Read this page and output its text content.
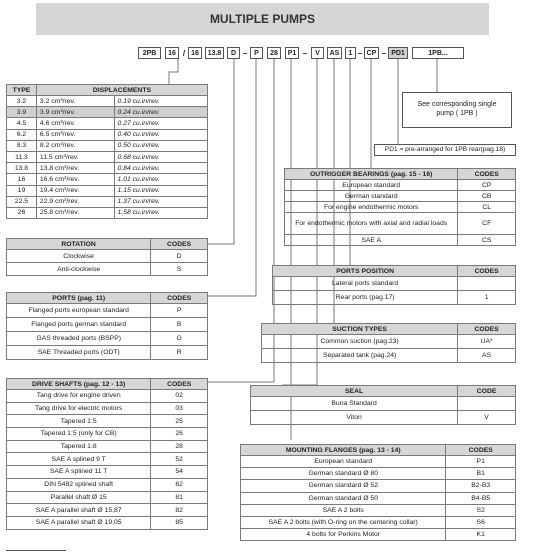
MULTIPLE PUMPS
2PB	16 / 16	13.8	D – P	28	P1 –	V	AS	1 – CP – PD1	1PB...
See corresponding single pump ( 1PB )
PD1 = pre-arranged for 1PB rear(pag.18)
TYPE	DISPLACEMENTS	
3.2	3.2 cm³/rev.	0.19 cu.in/rev.
3.9	3.9 cm³/rev.	0.24 cu.in/rev.
4.5	4.6 cm³/rev.	0.27 cu.in/rev.
6.2	6.5 cm³/rev.	0.40 cu.in/rev.
8.3	8.2 cm³/rev.	0.50 cu.in/rev.
11.3	11.5 cm³/rev.	0.68 cu.in/rev.
13.8	13.8 cm³/rev.	0.84 cu.in/rev.
16	16.6 cm³/rev.	1.01 cu.in/rev.
19	19.4 cm³/rev.	1.15 cu.in/rev.
22.5	22.9 cm³/rev.	1.37 cu.in/rev.
26	25.8 cm³/rev.	1.58 cu.in/rev.
ROTATION	CODES
Clockwise	D
Anti-clockwise	S
PORTS (pag. 11)	CODES
Flanged ports european standard	P
Flanged ports german standard	B
GAS threaded ports (BSPP)	G
SAE Threaded ports (ODT)	R
DRIVE SHAFTS (pag. 12 - 13)	CODES
Tang drive for engine driven	02
Tang drive for electric motors	03
Tapered 1:5	25
Tapered 1:5 (only for CB)	26
Tapered 1:8	28
SAE A splined 9 T	52
SAE A splined 11 T	54
DIN 5482 splined shaft	62
Parallel shaft Ø 15	81
SAE A parallel shaft Ø 15,87	82
SAE A parallel shaft Ø 19,05	85
OUTRIGGER BEARINGS (pag. 15 - 16)	CODES
European standard	CP
German standard	CB
For engine endothermic motors	CL
For endothermic motors with axial and radial loads	CF
SAE A	CS
PORTS POSITION	CODES
Lateral ports standard	
Rear ports (pag.17)	1
SUCTION TYPES	CODES
Common suction (pag.23)	UA*
Separated tank (pag.24)	AS
SEAL	CODE
Buna Standard	
Viton	V
MOUNTING FLANGES (pag. 13 - 14)	CODES
European standard	P1
German standard Ø 80	B1
German standard Ø 52	B2-B3
German standard Ø 50	B4-B5
SAE A 2 bolts	S2
SAE A 2 bolts (with O-ring on the centering collar)	S6
4 bolts for Perkins Motor	K1
